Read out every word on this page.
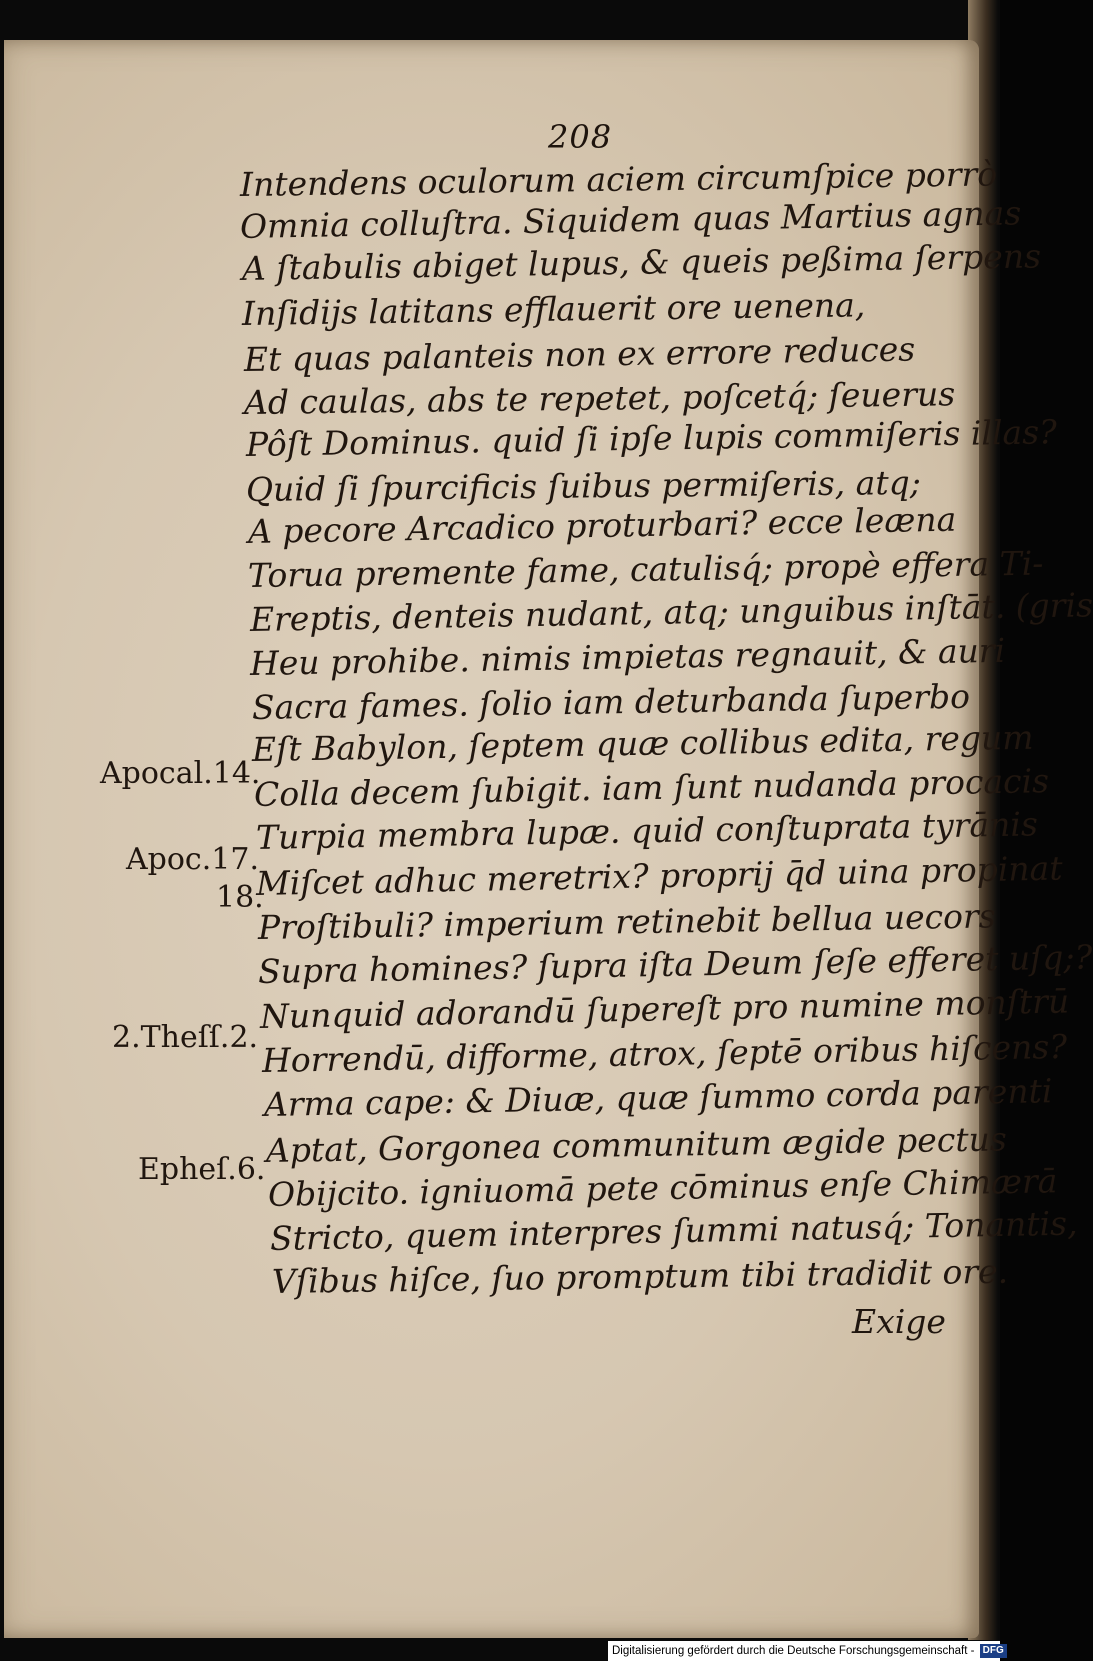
208
Intendens oculorum aciem circumſpice porrò
Omnia colluſtra. Siquidem quas Martius agnas
A ſtabulis abiget lupus, & queis peßima ſerpens
Inſidijs latitans efflauerit ore uenena,
Et quas palanteis non ex errore reduces
Ad caulas, abs te repetet, poſcetq́; ſeuerus
Pôſt Dominus. quid ſi ipſe lupis commiſeris illas?
Quid ſi ſpurcificis ſuibus permiſeris, atq;
A pecore Arcadico proturbari? ecce leæna
Torua premente fame, catulisq́; propè effera Ti-
Ereptis, denteis nudant, atq; unguibus inſtāt. (gris
Heu prohibe. nimis impietas regnauit, & auri
Sacra fames. ſolio iam deturbanda ſuperbo
Eſt Babylon, ſeptem quæ collibus edita, regum
Colla decem ſubigit. iam ſunt nudanda procacis
Turpia membra lupæ. quid conſtuprata tyrānis
Miſcet adhuc meretrix? proprij q̄d uina propinat
Proſtibuli? imperium retinebit bellua uecors
Supra homines? ſupra iſta Deum ſeſe efferet uſq;?
Nunquid adorandū ſupereſt pro numine monſtrū
Horrendū, difforme, atrox, ſeptē oribus hiſcens?
Arma cape: & Diuæ, quæ ſummo corda parenti
Aptat, Gorgonea communitum ægide pectus
Obijcito. igniuomā pete cōminus enſe Chimærā
Stricto, quem interpres ſummi natusq́; Tonantis,
Vſibus hiſce, ſuo promptum tibi tradidit ore.
Apocal.14.
Apoc.17.
18.
2.Theſſ.2.
Epheſ.6.
Exige
Digitalisierung gefördert durch die Deutsche Forschungsgemeinschaft - DFG
